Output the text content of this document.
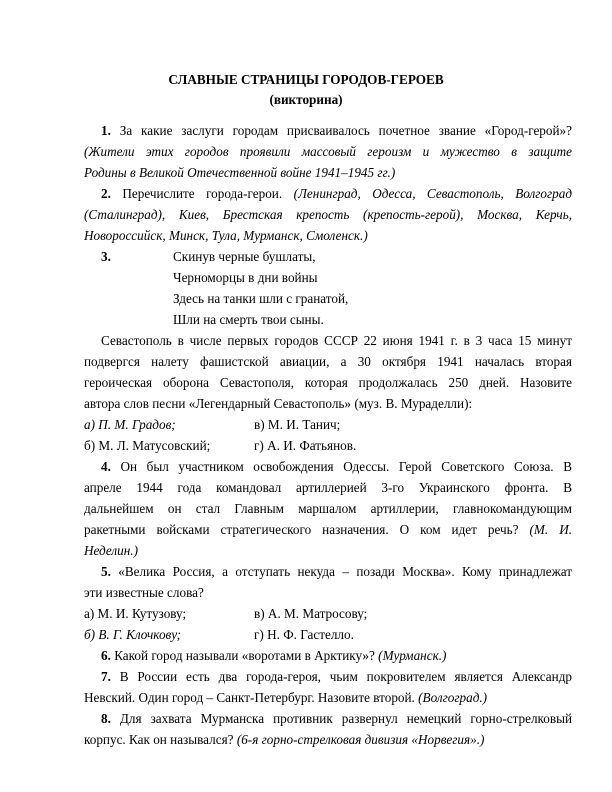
СЛАВНЫЕ СТРАНИЦЫ ГОРОДОВ-ГЕРОЕВ
(викторина)
1. За какие заслуги городам присваивалось почетное звание «Город-герой»?
(Жители этих городов проявили массовый героизм и мужество в защите
Родины в Великой Отечественной войне 1941–1945 гг.)
2. Перечислите города-герои. (Ленинград, Одесса, Севастополь, Волгоград
(Сталинград), Киев, Брестская крепость (крепость-герой), Москва, Керчь,
Новороссийск, Минск, Тула, Мурманск, Смоленск.)
3.	Скинув черные бушлаты,
Черноморцы в дни войны
Здесь на танки шли с гранатой,
Шли на смерть твои сыны.
Севастополь в числе первых городов СССР 22 июня 1941 г. в 3 часа 15 минут
подвергся налету фашистской авиации, а 30 октября 1941 началась вторая
героическая оборона Севастополя, которая продолжалась 250 дней. Назовите
автора слов песни «Легендарный Севастополь» (муз. В. Мураделли):
а) П. М. Градов;	в) М. И. Танич;
б) М. Л. Матусовский;	г) А. И. Фатьянов.
4. Он был участником освобождения Одессы. Герой Советского Союза. В
апреле 1944 года командовал артиллерией 3-го Украинского фронта. В
дальнейшем он стал Главным маршалом артиллерии, главнокомандующим
ракетными войсками стратегического назначения. О ком идет речь? (М. И.
Неделин.)
5. «Велика Россия, а отступать некуда – позади Москва». Кому принадлежат
эти известные слова?
а) М. И. Кутузову;	в) А. М. Матросову;
б) В. Г. Клочкову;	г) Н. Ф. Гастелло.
6. Какой город называли «воротами в Арктику»? (Мурманск.)
7. В России есть два города-героя, чьим покровителем является Александр
Невский. Один город – Санкт-Петербург. Назовите второй. (Волгоград.)
8. Для захвата Мурманска противник развернул немецкий горно-стрелковый
корпус. Как он назывался? (6-я горно-стрелковая дивизия «Норвегия».)
